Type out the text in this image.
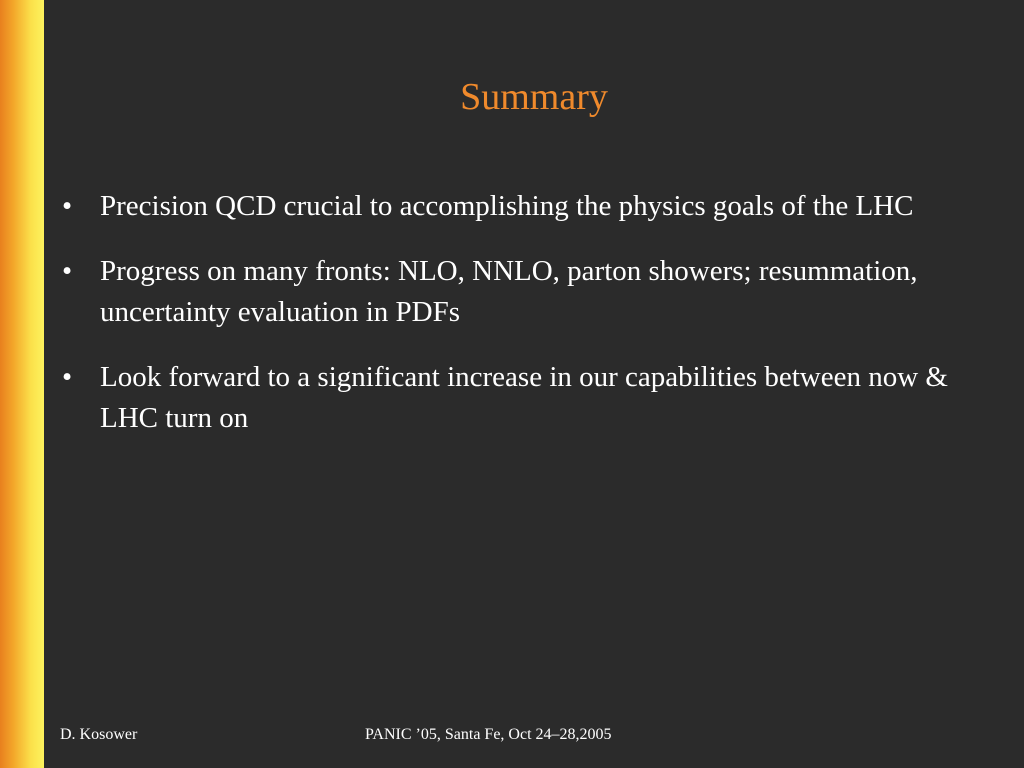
Summary
• Precision QCD crucial to accomplishing the physics goals of the LHC
• Progress on many fronts: NLO, NNLO, parton showers; resummation, uncertainty evaluation in PDFs
• Look forward to a significant increase in our capabilities between now & LHC turn on
D. Kosower	PANIC ’05, Santa Fe, Oct 24–28,2005
